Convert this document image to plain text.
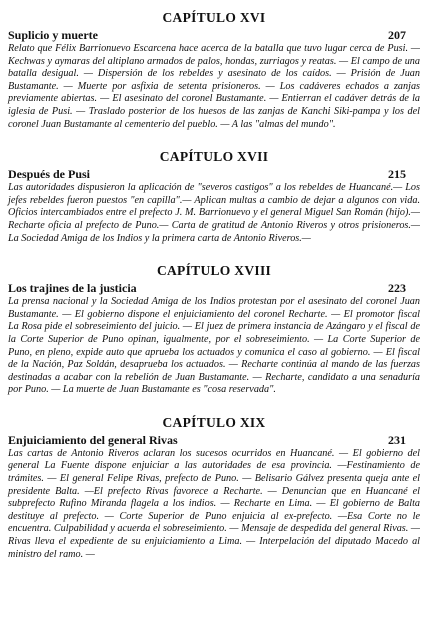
CAPÍTULO XVI
Suplicio y muerte	207

Relato que Félix Barrionuevo Escarcena hace acerca de la batalla que tuvo lugar cerca de Pusi. — Kechwas y aymaras del altiplano armados de palos, hondas, zurriagos y reatas. — El campo de una batalla desigual. — Dispersión de los rebeldes y asesinato de los caídos. — Prisión de Juan Bustamante. — Muerte por asfixia de setenta prisioneros. — Los cadáveres echados a zanjas previamente abiertas. — El asesinato del coronel Bustamante. — Entierran el cadáver detrás de la iglesia de Pusi. — Traslado posterior de los huesos de las zanjas de Kanchi Siki-pampa y los del coronel Juan Bustamante al cementerio del pueblo. — A las "almas del mundo".

CAPÍTULO XVII
Después de Pusi	215

Las autoridades dispusieron la aplicación de "severos castigos" a los rebeldes de Huancané.— Los jefes rebeldes fueron puestos "en capilla".— Aplican multas a cambio de dejar a algunos con vida. Oficios intercambiados entre el prefecto J. M. Barrionuevo y el general Miguel San Román (hijo).— Recharte oficia al prefecto de Puno.— Carta de gratitud de Antonio Riveros y otros prisioneros.— La Sociedad Amiga de los Indios y la primera carta de Antonio Riveros.—

CAPÍTULO XVIII
Los trajines de la justicia	223

La prensa nacional y la Sociedad Amiga de los Indios protestan por el asesinato del coronel Juan Bustamante. — El gobierno dispone el enjuiciamiento del coronel Recharte. — El promotor fiscal La Rosa pide el sobreseimiento del juicio. — El juez de primera instancia de Azángaro y el fiscal de la Corte Superior de Puno opinan, igualmente, por el sobreseimiento. — La Corte Superior de Puno, en pleno, expide auto que aprueba los actuados y comunica el caso al gobierno. — El fiscal de la Nación, Paz Soldán, desaprueba los actuados. — Recharte continúa al mando de las fuerzas destinadas a acabar con la rebelión de Juan Bustamante. — Recharte, candidato a una senaduría por Puno. — La muerte de Juan Bustamante es "cosa reservada".

CAPÍTULO XIX
Enjuiciamiento del general Rivas	231

Las cartas de Antonio Riveros aclaran los sucesos ocurridos en Huancané. — El gobierno del general La Fuente dispone enjuiciar a las autoridades de esa provincia. —Festinamiento de trámites. — El general Felipe Rivas, prefecto de Puno. — Belisario Gálvez presenta queja ante el presidente Balta. —El prefecto Rivas favorece a Recharte. — Denuncian que en Huancané el subprefecto Rufino Miranda flagela a los indios. — Recharte en Lima. — El gobierno de Balta destituye al prefecto. — Corte Superior de Puno enjuicia al ex-prefecto. —Esa Corte no le encuentra. Culpabilidad y acuerda el sobreseimiento. — Mensaje de despedida del general Rivas. — Rivas lleva el expediente de su enjuiciamiento a Lima. — Interpelación del diputado Macedo al ministro del ramo. —
